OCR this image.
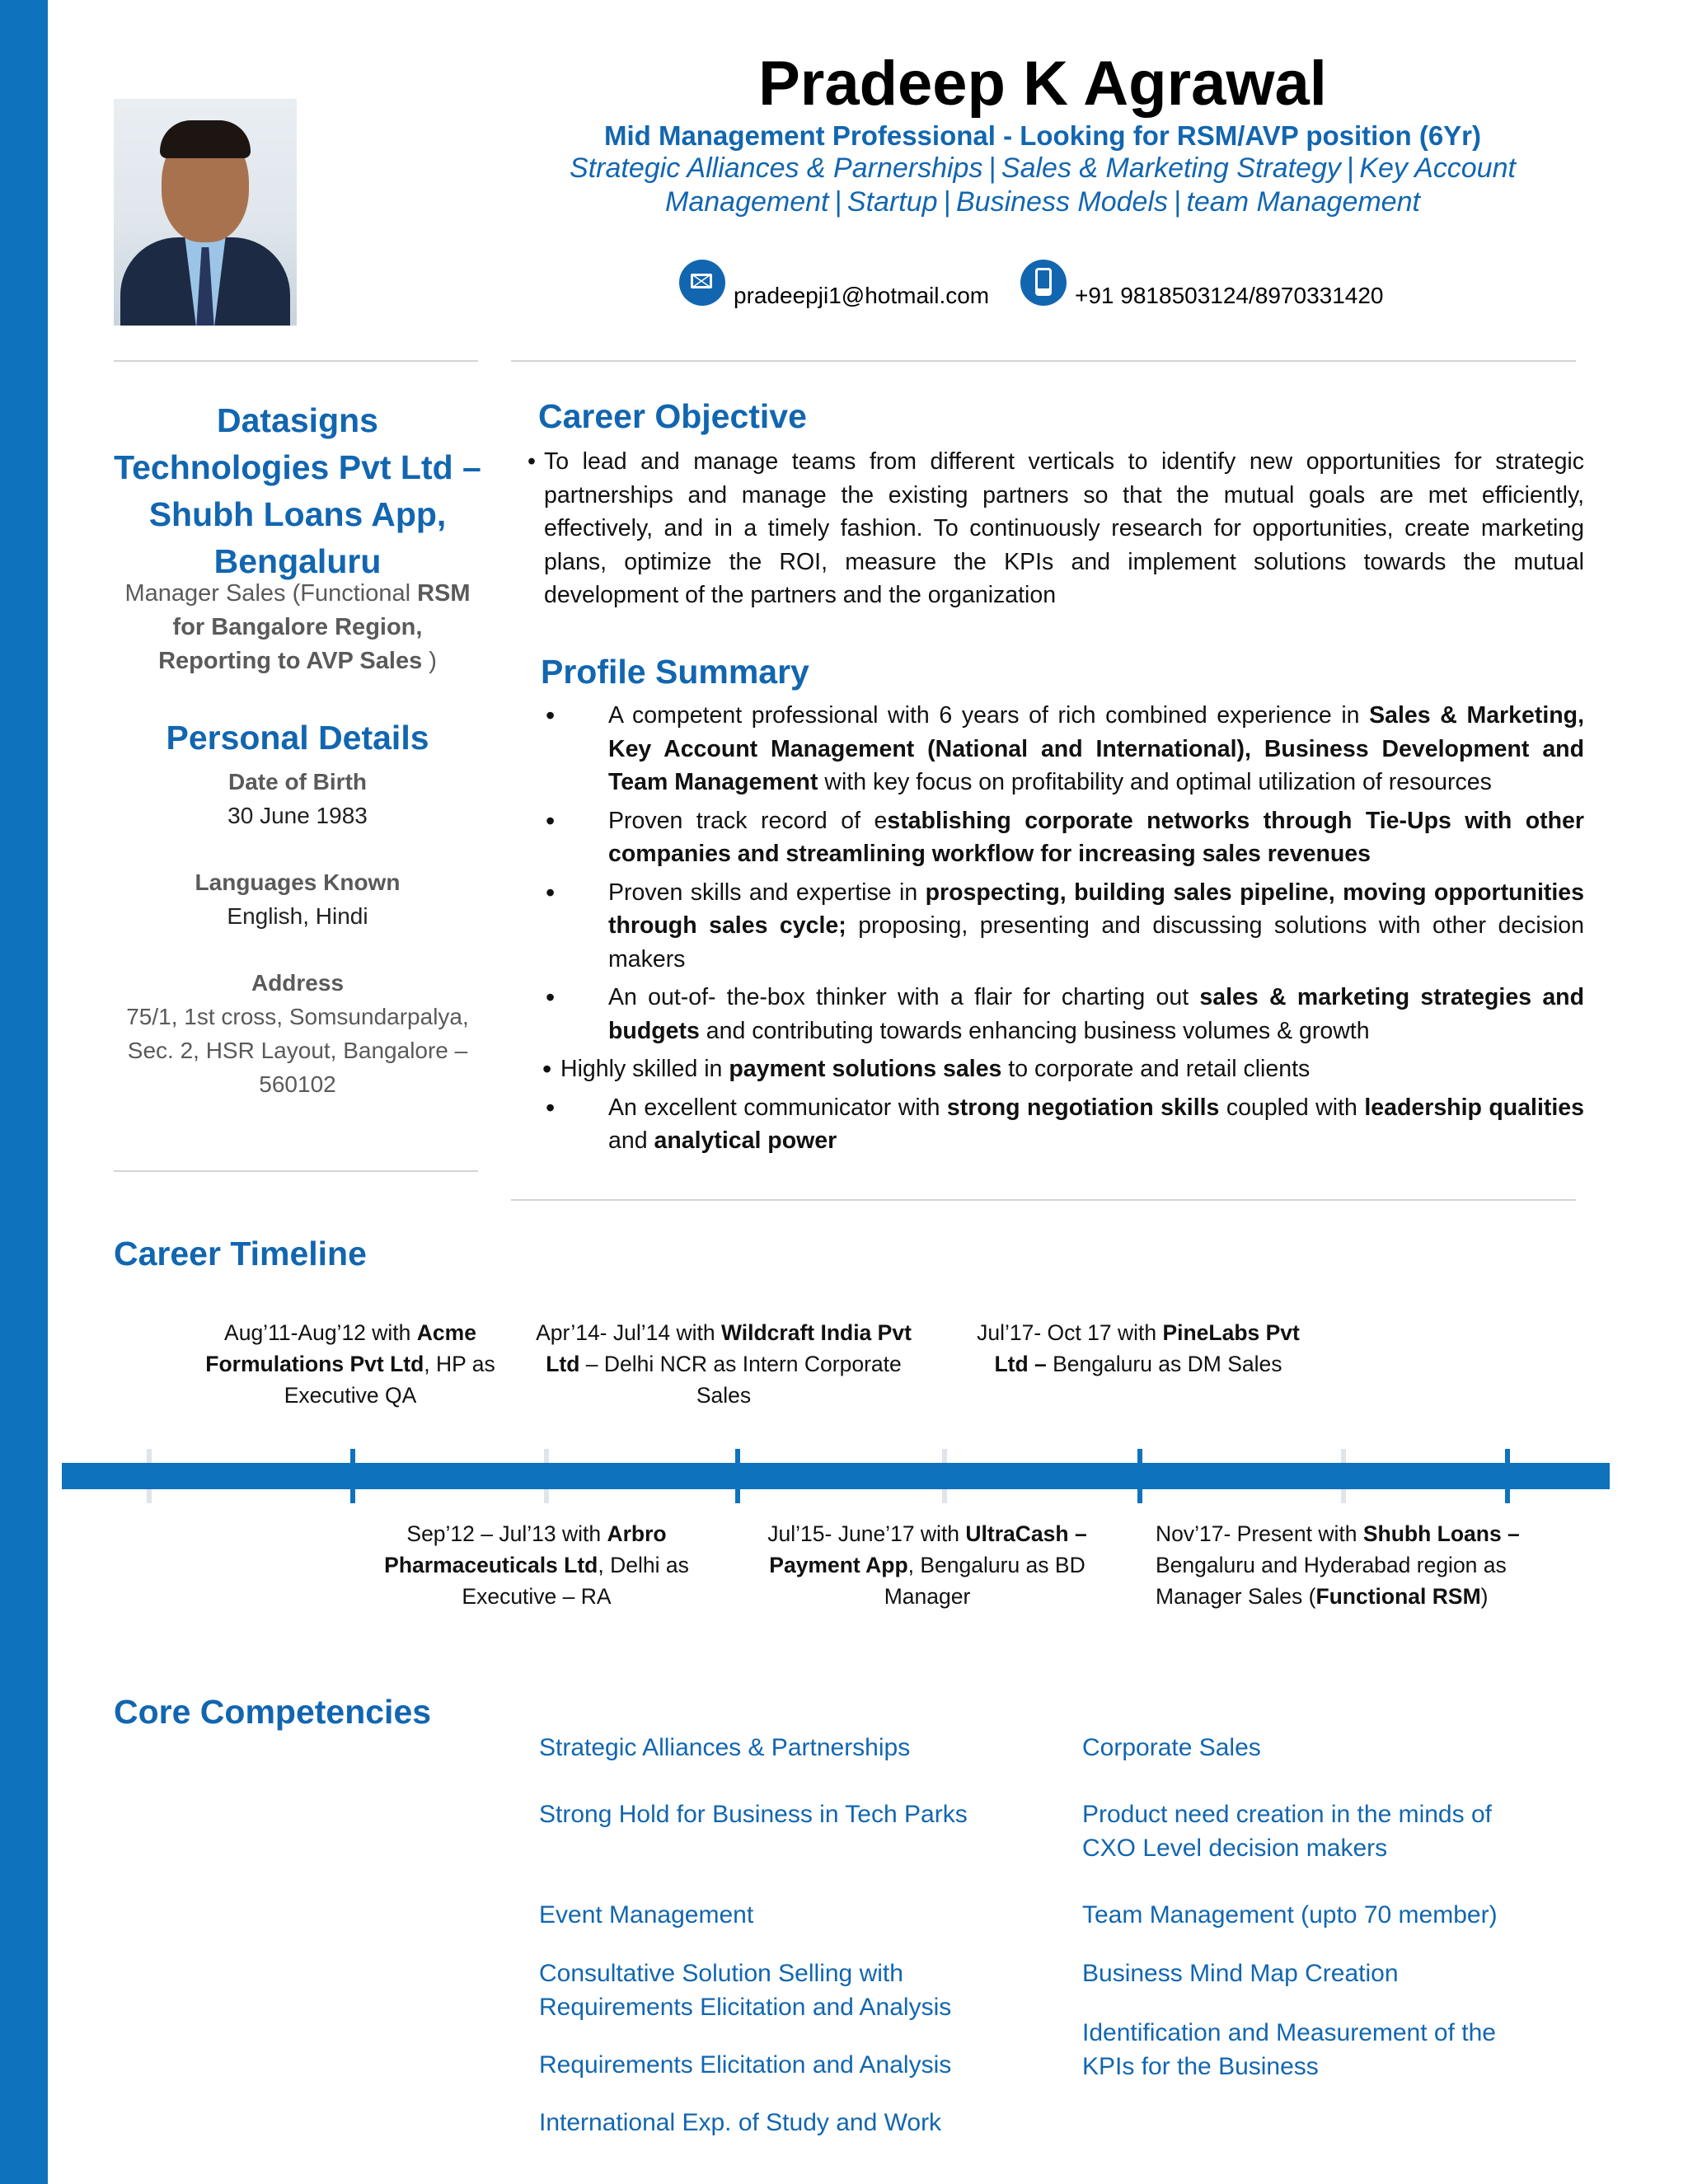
Pradeep K Agrawal
Mid Management Professional - Looking for RSM/AVP position (6Yr)
Strategic Alliances & Parnerships | Sales & Marketing Strategy | Key Account Management | Startup | Business Models | team Management
pradeepji1@hotmail.com	+91 9818503124/8970331420
Datasigns Technologies Pvt Ltd – Shubh Loans App, Bengaluru
Manager Sales (Functional RSM for Bangalore Region, Reporting to AVP Sales )
Personal Details
Date of Birth
30 June 1983
Languages Known
English, Hindi
Address
75/1, 1st cross, Somsundarpalya, Sec. 2, HSR Layout, Bangalore – 560102
Career Objective
• To lead and manage teams from different verticals to identify new opportunities for strategic partnerships and manage the existing partners so that the mutual goals are met efficiently, effectively, and in a timely fashion. To continuously research for opportunities, create marketing plans, optimize the ROI, measure the KPIs and implement solutions towards the mutual development of the partners and the organization
Profile Summary
• A competent professional with 6 years of rich combined experience in Sales & Marketing, Key Account Management (National and International), Business Development and Team Management with key focus on profitability and optimal utilization of resources
• Proven track record of establishing corporate networks through Tie-Ups with other companies and streamlining workflow for increasing sales revenues
• Proven skills and expertise in prospecting, building sales pipeline, moving opportunities through sales cycle; proposing, presenting and discussing solutions with other decision makers
• An out-of- the-box thinker with a flair for charting out sales & marketing strategies and budgets and contributing towards enhancing business volumes & growth
• Highly skilled in payment solutions sales to corporate and retail clients
• An excellent communicator with strong negotiation skills coupled with leadership qualities and analytical power
Career Timeline
Aug’11-Aug’12 with Acme Formulations Pvt Ltd, HP as Executive QA
Apr’14- Jul’14 with Wildcraft India Pvt Ltd – Delhi NCR as Intern Corporate Sales
Jul’17- Oct 17 with PineLabs Pvt Ltd – Bengaluru as DM Sales
Sep’12 – Jul’13 with Arbro Pharmaceuticals Ltd, Delhi as Executive – RA
Jul’15- June’17 with UltraCash – Payment App, Bengaluru as BD Manager
Nov’17- Present with Shubh Loans – Bengaluru and Hyderabad region as Manager Sales (Functional RSM)
Core Competencies
Strategic Alliances & Partnerships
Strong Hold for Business in Tech Parks
Event Management
Consultative Solution Selling with Requirements Elicitation and Analysis
Requirements Elicitation and Analysis
International Exp. of Study and Work
Corporate Sales
Product need creation in the minds of CXO Level decision makers
Team Management (upto 70 member)
Business Mind Map Creation
Identification and Measurement of the KPIs for the Business
